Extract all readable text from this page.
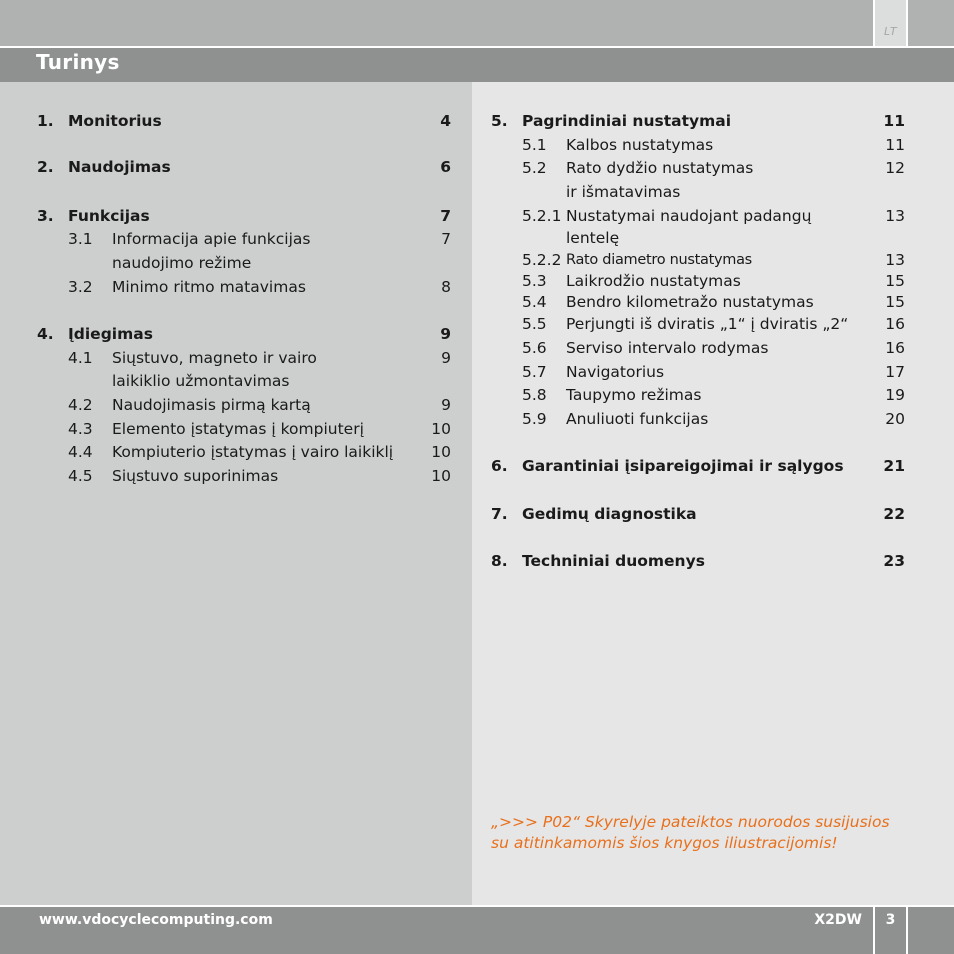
LT
Turinys
1. Monitorius	4
2. Naudojimas	6
3. Funkcijas	7
3.1 Informacija apie funkcijas	7
naudojimo režime
3.2 Minimo ritmo matavimas	8
4. Įdiegimas	9
4.1 Siųstuvo, magneto ir vairo	9
laikiklio užmontavimas
4.2 Naudojimasis pirmą kartą	9
4.3 Elemento įstatymas į kompiuterį	10
4.4 Kompiuterio įstatymas į vairo laikiklį 10
4.5 Siųstuvo suporinimas	10
5. Pagrindiniai nustatymai	11
5.1 Kalbos nustatymas	11
5.2 Rato dydžio nustatymas	12
ir išmatavimas
5.2.1 Nustatymai naudojant padangų	13
lentelę
5.2.2 Rato diametro nustatymas	13
5.3 Laikrodžio nustatymas	15
5.4 Bendro kilometražo nustatymas	15
5.5 Perjungti iš dviratis „1“ į dviratis „2“ 16
5.6 Serviso intervalo rodymas	16
5.7 Navigatorius	17
5.8 Taupymo režimas	19
5.9 Anuliuoti funkcijas	20
6. Garantiniai įsipareigojimai ir sąlygos	21
7. Gedimų diagnostika	22
8. Techniniai duomenys	23
„>>> P02“ Skyrelyje pateiktos nuorodos susijusios su atitinkamomis šios knygos iliustracijomis!
www.vdocyclecomputing.com	X2DW	3
